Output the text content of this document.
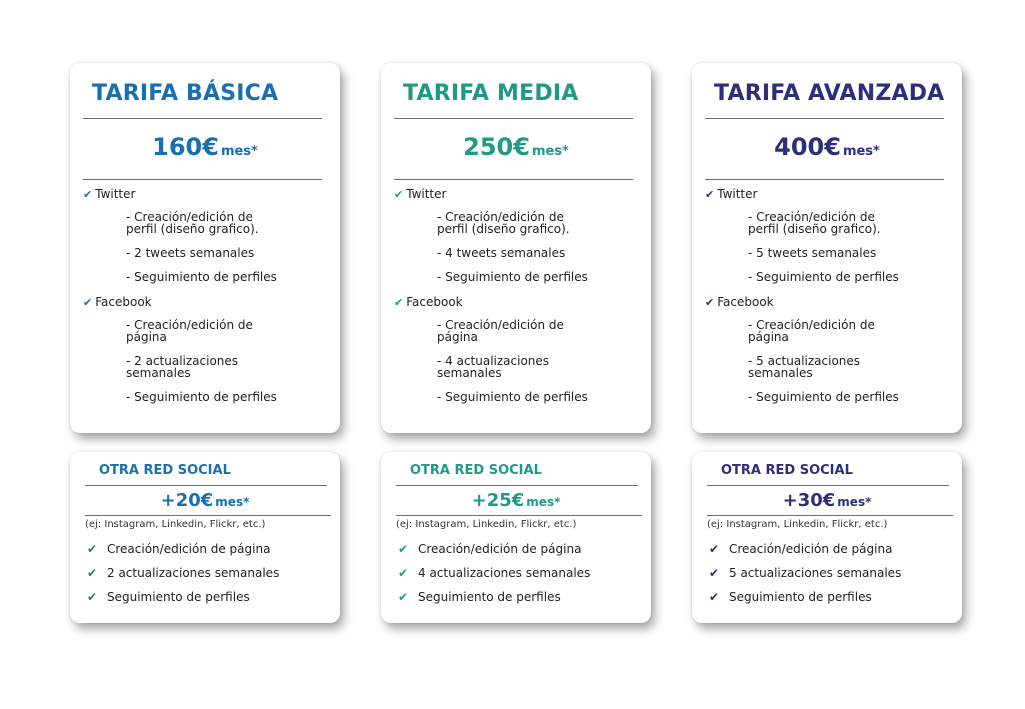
TARIFA BÁSICA
160€ mes*
✔ Twitter
- Creación/edición de perfil (diseño grafico).
- 2 tweets semanales
- Seguimiento de perfiles
✔ Facebook
- Creación/edición de página
- 2 actualizaciones semanales
- Seguimiento de perfiles
TARIFA MEDIA
250€ mes*
✔ Twitter
- Creación/edición de perfil (diseño grafico).
- 4 tweets semanales
- Seguimiento de perfiles
✔ Facebook
- Creación/edición de página
- 4 actualizaciones semanales
- Seguimiento de perfiles
TARIFA AVANZADA
400€ mes*
✔ Twitter
- Creación/edición de perfil (diseño grafico).
- 5 tweets semanales
- Seguimiento de perfiles
✔ Facebook
- Creación/edición de página
- 5 actualizaciones semanales
- Seguimiento de perfiles
OTRA RED SOCIAL
+20€ mes*
(ej: Instagram, Linkedin, Flickr, etc.)
✔ Creación/edición de página
✔ 2 actualizaciones semanales
✔ Seguimiento de perfiles
OTRA RED SOCIAL
+25€ mes*
(ej: Instagram, Linkedin, Flickr, etc.)
✔ Creación/edición de página
✔ 4 actualizaciones semanales
✔ Seguimiento de perfiles
OTRA RED SOCIAL
+30€ mes*
(ej: Instagram, Linkedin, Flickr, etc.)
✔ Creación/edición de página
✔ 5 actualizaciones semanales
✔ Seguimiento de perfiles
